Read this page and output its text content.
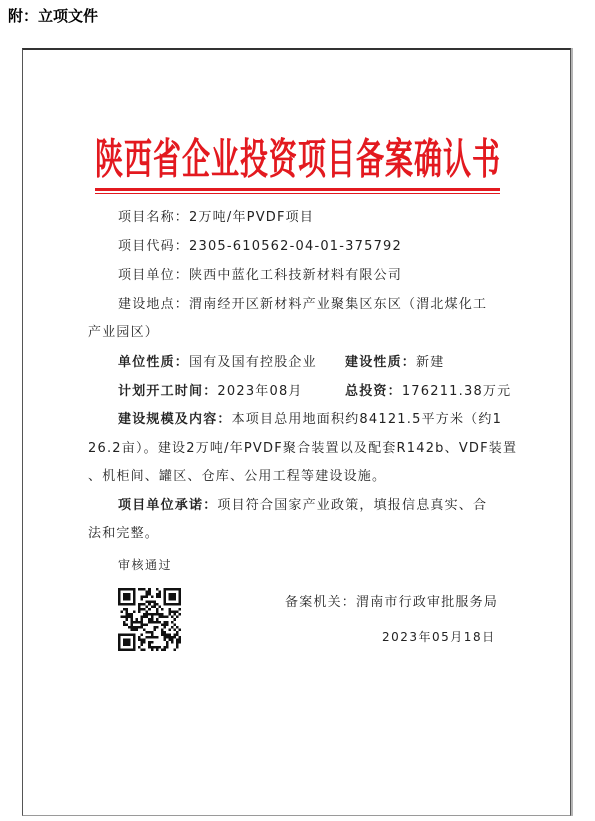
附：立项文件
陕西省企业投资项目备案确认书
项目名称：2万吨/年PVDF项目
项目代码：2305-610562-04-01-375792
项目单位：陕西中蓝化工科技新材料有限公司
建设地点：渭南经开区新材料产业聚集区东区（渭北煤化工
产业园区）
单位性质：国有及国有控股企业 建设性质：新建
计划开工时间：2023年08月	总投资：176211.38万元
建设规模及内容：本项目总用地面积约84121.5平方米（约1
26.2亩）。建设2万吨/年PVDF聚合装置以及配套R142b、VDF装置
、机柜间、罐区、仓库、公用工程等建设设施。
项目单位承诺：项目符合国家产业政策，填报信息真实、合
法和完整。
审核通过
备案机关：渭南市行政审批服务局
2023年05月18日
